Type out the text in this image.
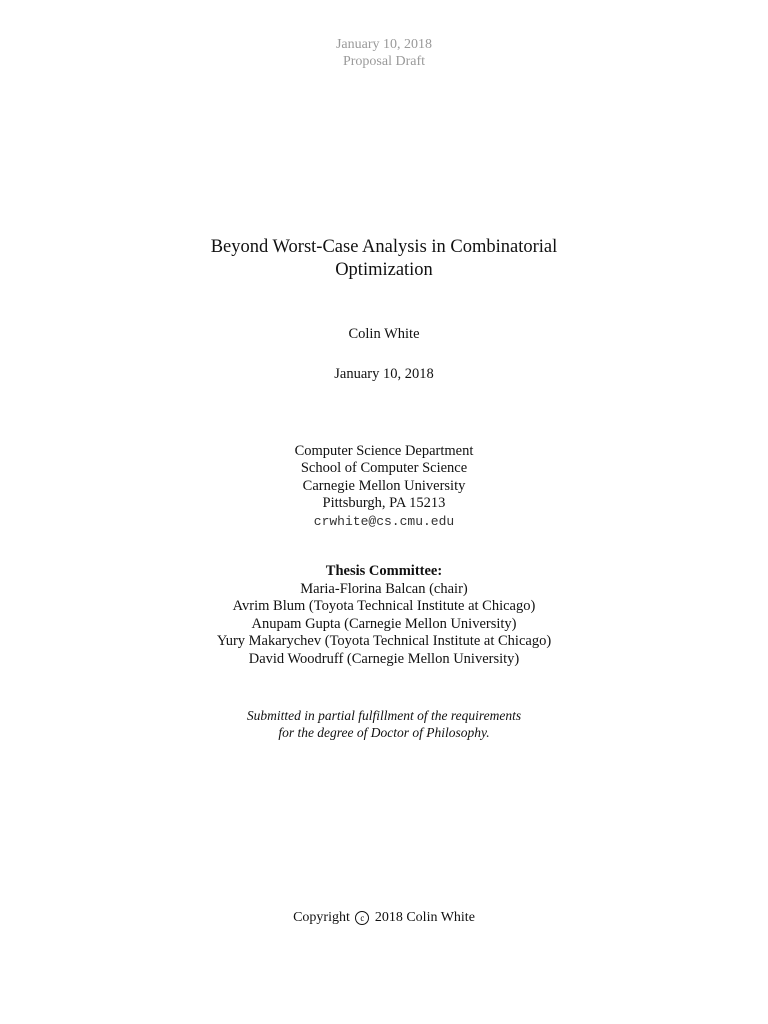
January 10, 2018
Proposal Draft
Beyond Worst-Case Analysis in Combinatorial
Optimization
Colin White
January 10, 2018
Computer Science Department
School of Computer Science
Carnegie Mellon University
Pittsburgh, PA 15213
crwhite@cs.cmu.edu
Thesis Committee:
Maria-Florina Balcan (chair)
Avrim Blum (Toyota Technical Institute at Chicago)
Anupam Gupta (Carnegie Mellon University)
Yury Makarychev (Toyota Technical Institute at Chicago)
David Woodruff (Carnegie Mellon University)
Submitted in partial fulfillment of the requirements
for the degree of Doctor of Philosophy.
Copyright c 2018 Colin White
